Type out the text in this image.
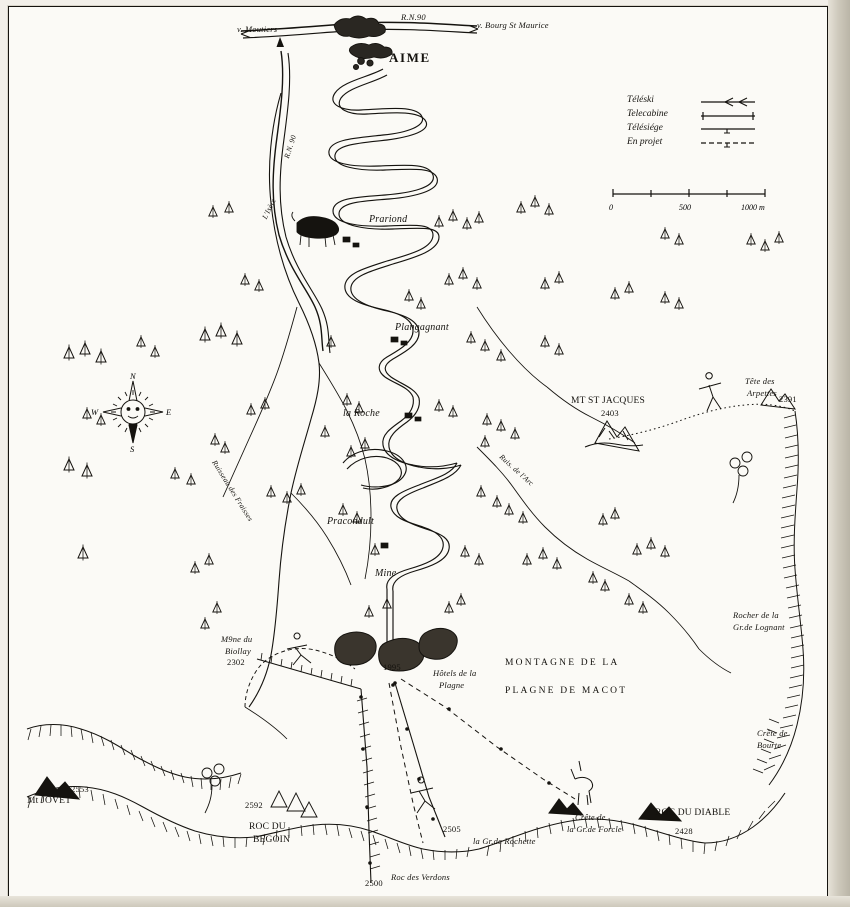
Téléski
Telecabine
Télésiége
En projet
0	500	1000 m
N
S
E
W
v. Moutiers	v. Bourg St Maurice
R.N.90
AIME
R.N. 90
L'Isère
Ruisseau des Fraisses	Ruis. de l'Arc
Prariond
Plangagnant
la Roche
Pracondult
Mine
Hôtels de la
Plagne
1995
MT ST JACQUES
2403
Tête des
Arpettes
2391
Rocher de la
Gr.de Lognant
Crête de
Bourte
M9ne du
Biollay
2302
Mt JOVET
2553
ROC DU
BEGOIN
2592
la Gr.de Rochette
2505
Crête de
la Gr.de Forcle
ROC DU DIABLE
2428
Roc des Verdons
2500
MONTAGNE DE LA
PLAGNE DE MACOT
